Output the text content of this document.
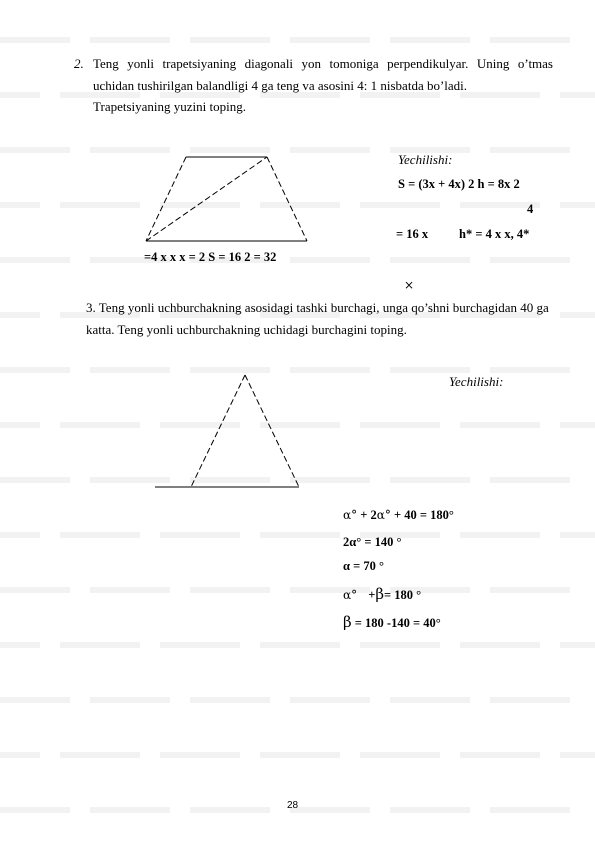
2. Teng yonli trapetsiyaning diagonali yon tomoniga perpendikulyar. Uning o’tmas uchidan tushirilgan balandligi 4 ga teng va asosini 4: 1 nisbatda bo’ladi.
Trapetsiyaning yuzini toping.
Yechilishi:
S = (3x + 4x) 2 h = 8x 2
4
= 16 x h* = 4 x x, 4*
=4 x x x = 2 S = 16 2 = 32
×
3. Teng yonli uchburchakning asosidagi tashki burchagi, unga qo’shni burchagidan 40 ga katta. Teng yonli uchburchakning uchidagi burchagini toping.
Yechilishi:
α° + 2α° + 40 = 180°
2α° = 140 °
α = 70 °
α° +β= 180 °
β = 180 -140 = 40°
28
